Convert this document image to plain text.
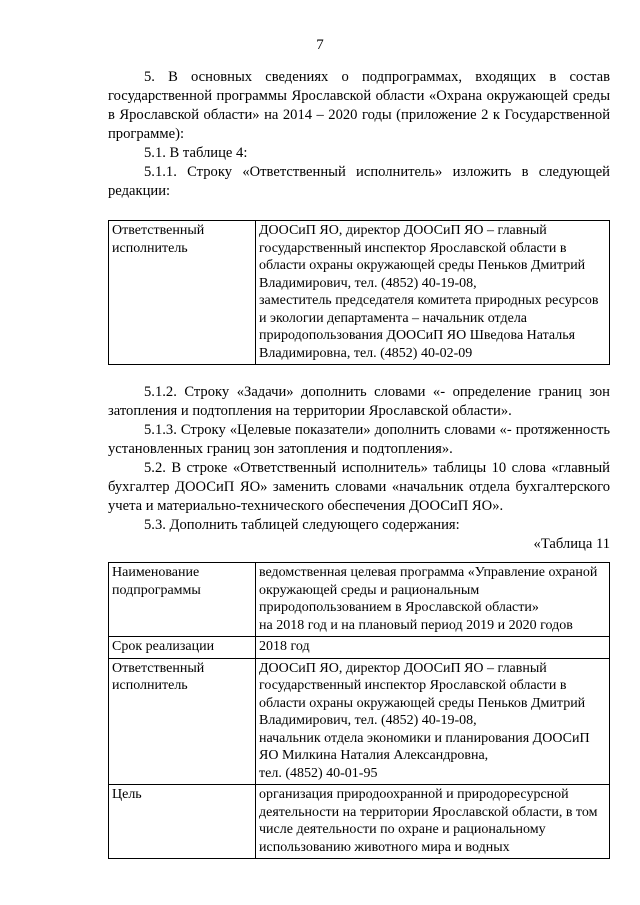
7

5. В основных сведениях о подпрограммах, входящих в состав государственной программы Ярославской области «Охрана окружающей среды в Ярославской области» на 2014 – 2020 годы (приложение 2 к Государственной программе):

5.1. В таблице 4:

5.1.1. Строку «Ответственный исполнитель» изложить в следующей редакции:

Ответственный исполнитель	ДООСиП ЯО, директор ДООСиП ЯО – главный государственный инспектор Ярославской области в области охраны окружающей среды Пеньков Дмитрий Владимирович, тел. (4852) 40-19-08,
заместитель председателя комитета природных ресурсов и экологии департамента – начальник отдела природопользования ДООСиП ЯО Шведова Наталья Владимировна, тел. (4852) 40-02-09

5.1.2. Строку «Задачи» дополнить словами «- определение границ зон затопления и подтопления на территории Ярославской области».

5.1.3. Строку «Целевые показатели» дополнить словами «- протяженность установленных границ зон затопления и подтопления».

5.2. В строке «Ответственный исполнитель» таблицы 10 слова «главный бухгалтер ДООСиП ЯО» заменить словами «начальник отдела бухгалтерского учета и материально-технического обеспечения ДООСиП ЯО».

5.3. Дополнить таблицей следующего содержания:

«Таблица 11

Наименование подпрограммы	ведомственная целевая программа «Управление охраной окружающей среды и рациональным природопользованием в Ярославской области»
на 2018 год и на плановый период 2019 и 2020 годов
Срок реализации	2018 год
Ответственный исполнитель	ДООСиП ЯО, директор ДООСиП ЯО – главный государственный инспектор Ярославской области в области охраны окружающей среды Пеньков Дмитрий Владимирович, тел. (4852) 40-19-08,
начальник отдела экономики и планирования ДООСиП ЯО Милкина Наталия Александровна,
тел. (4852) 40-01-95
Цель	организация природоохранной и природоресурсной деятельности на территории Ярославской области, в том числе деятельности по охране и рациональному использованию животного мира и водных
